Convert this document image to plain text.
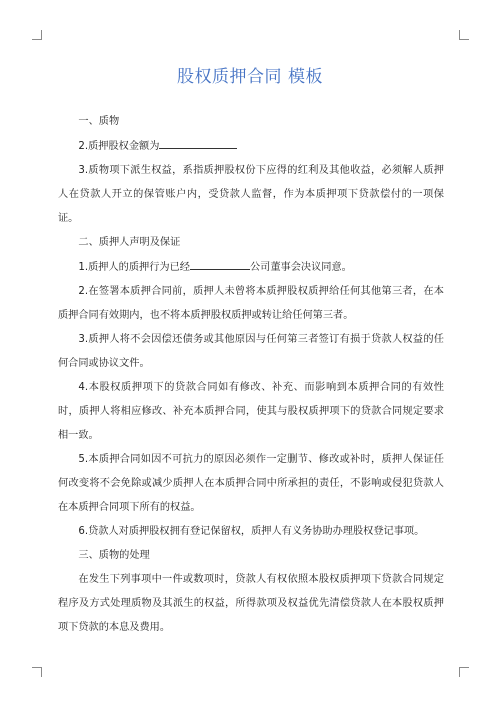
股权质押合同 模板

一、质物

2.质押股权金额为

3.质物项下派生权益，系指质押股权份下应得的红利及其他收益，必须解人质押人在贷款人开立的保管账户内，受贷款人监督，作为本质押项下贷款偿付的一项保证。

二、质押人声明及保证

1.质押人的质押行为已经	公司董事会决议同意。

2.在签署本质押合同前，质押人未曾将本质押股权质押给任何其他第三者，在本质押合同有效期内，也不将本质押股权质押或转让给任何第三者。

3.质押人将不会因偿还债务或其他原因与任何第三者签订有损于贷款人权益的任何合同或协议文件。

4.本股权质押项下的贷款合同如有修改、补充、而影响到本质押合同的有效性时，质押人将相应修改、补充本质押合同，使其与股权质押项下的贷款合同规定要求相一致。

5.本质押合同如因不可抗力的原因必须作一定删节、修改或补时，质押人保证任何改变将不会免除或减少质押人在本质押合同中所承担的责任，不影响或侵犯贷款人在本质押合同项下所有的权益。

6.贷款人对质押股权拥有登记保留权，质押人有义务协助办理股权登记事项。

三、质物的处理

在发生下列事项中一件或数项时，贷款人有权依照本股权质押项下贷款合同规定程序及方式处理质物及其派生的权益，所得款项及权益优先清偿贷款人在本股权质押项下贷款的本息及费用。
